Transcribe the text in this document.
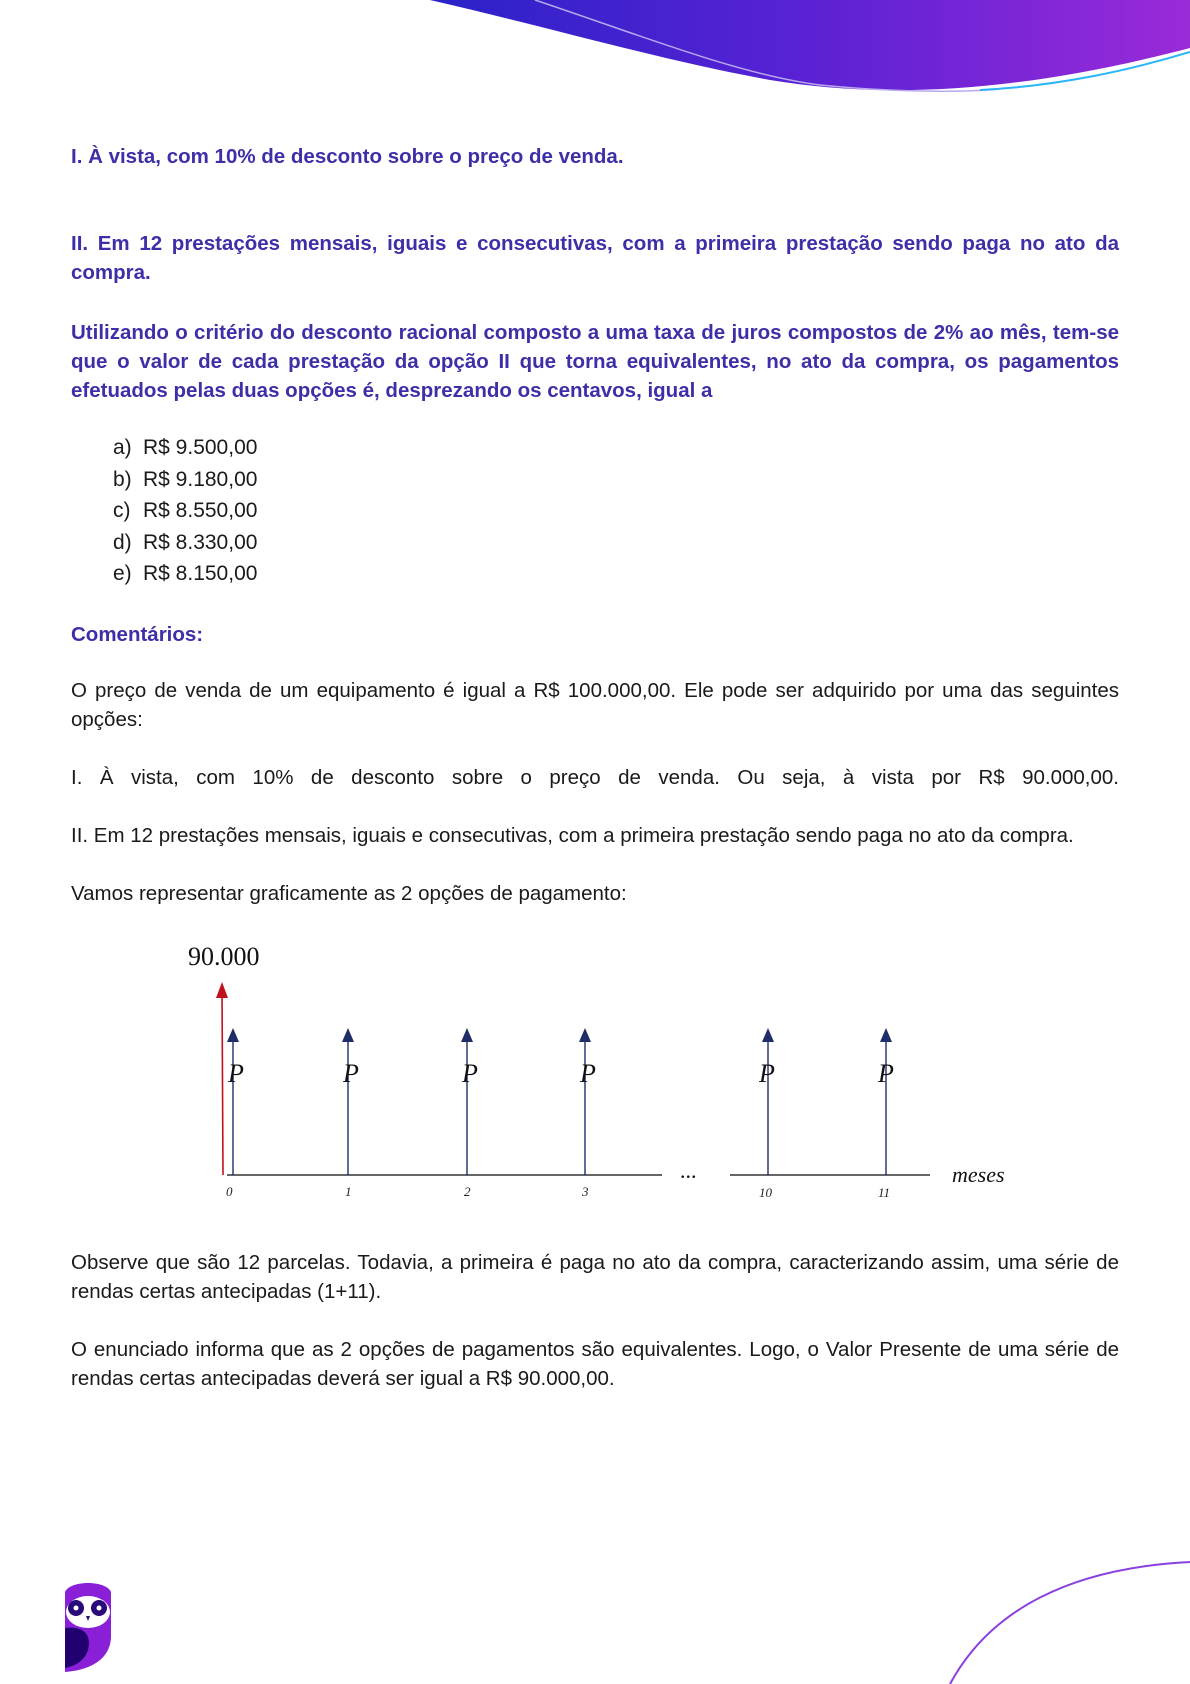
I. À vista, com 10% de desconto sobre o preço de venda.
II. Em 12 prestações mensais, iguais e consecutivas, com a primeira prestação sendo paga no ato da compra.
Utilizando o critério do desconto racional composto a uma taxa de juros compostos de 2% ao mês, tem-se que o valor de cada prestação da opção II que torna equivalentes, no ato da compra, os pagamentos efetuados pelas duas opções é, desprezando os centavos, igual a
a) R$ 9.500,00
b) R$ 9.180,00
c) R$ 8.550,00
d) R$ 8.330,00
e) R$ 8.150,00
Comentários:
O preço de venda de um equipamento é igual a R$ 100.000,00. Ele pode ser adquirido por uma das seguintes opções:
I. À vista, com 10% de desconto sobre o preço de venda. Ou seja, à vista por R$ 90.000,00.
II. Em 12 prestações mensais, iguais e consecutivas, com a primeira prestação sendo paga no ato da compra.
Vamos representar graficamente as 2 opções de pagamento:
Observe que são 12 parcelas. Todavia, a primeira é paga no ato da compra, caracterizando assim, uma série de rendas certas antecipadas (1+11).
O enunciado informa que as 2 opções de pagamentos são equivalentes. Logo, o Valor Presente de uma série de rendas certas antecipadas deverá ser igual a R$ 90.000,00.
90.000
...	meses
P	P	P	P	P	P
0	1	2	3	10	11
